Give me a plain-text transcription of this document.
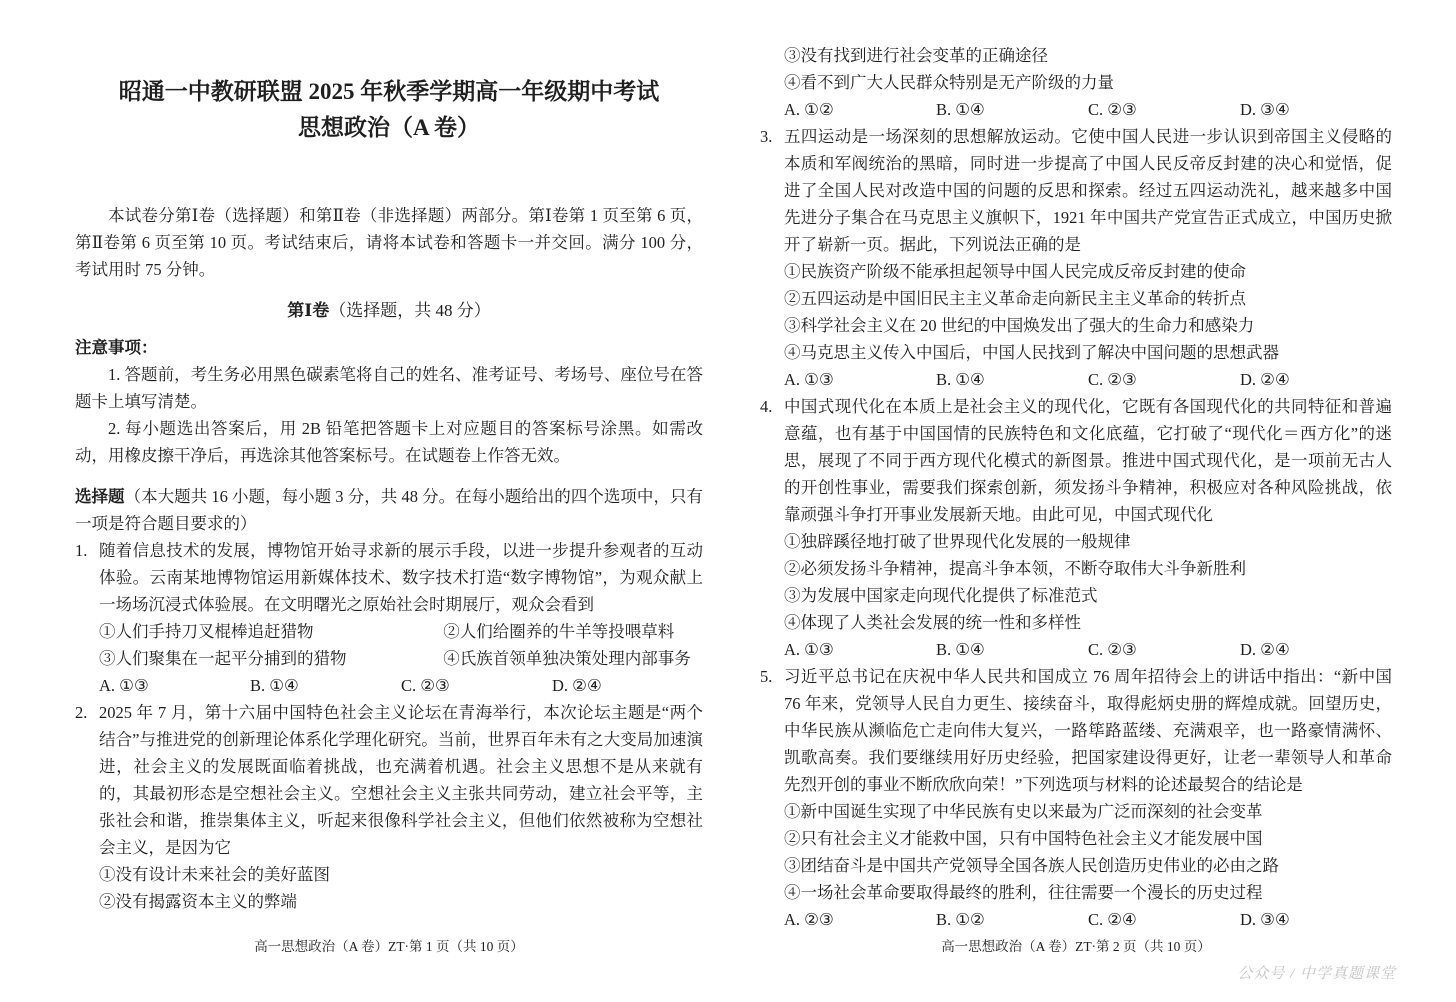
昭通一中教研联盟 2025 年秋季学期高一年级期中考试
思想政治（A 卷）

本试卷分第Ⅰ卷（选择题）和第Ⅱ卷（非选择题）两部分。第Ⅰ卷第 1 页至第 6 页，第Ⅱ卷第 6 页至第 10 页。考试结束后，请将本试卷和答题卡一并交回。满分 100 分，考试用时 75 分钟。

第Ⅰ卷（选择题，共 48 分）
注意事项：

1. 答题前，考生务必用黑色碳素笔将自己的姓名、准考证号、考场号、座位号在答题卡上填写清楚。

2. 每小题选出答案后，用 2B 铅笔把答题卡上对应题目的答案标号涂黑。如需改动，用橡皮擦干净后，再选涂其他答案标号。在试题卷上作答无效。

选择题（本大题共 16 小题，每小题 3 分，共 48 分。在每小题给出的四个选项中，只有一项是符合题目要求的）
1. 随着信息技术的发展，博物馆开始寻求新的展示手段，以进一步提升参观者的互动体验。云南某地博物馆运用新媒体技术、数字技术打造“数字博物馆”，为观众献上一场场沉浸式体验展。在文明曙光之原始社会时期展厅，观众会看到
①人们手持刀叉棍棒追赶猎物	②人们给圈养的牛羊等投喂草料
③人们聚集在一起平分捕到的猎物	④氏族首领单独决策处理内部事务
A. ①③	B. ①④	C. ②③	D. ②④
2. 2025 年 7 月，第十六届中国特色社会主义论坛在青海举行，本次论坛主题是“两个结合”与推进党的创新理论体系化学理化研究。当前，世界百年未有之大变局加速演进，社会主义的发展既面临着挑战，也充满着机遇。社会主义思想不是从来就有的，其最初形态是空想社会主义。空想社会主义主张共同劳动，建立社会平等，主张社会和谐，推崇集体主义，听起来很像科学社会主义，但他们依然被称为空想社会主义，是因为它
①没有设计未来社会的美好蓝图
②没有揭露资本主义的弊端
高一思想政治（A 卷）ZT·第 1 页（共 10 页）
③没有找到进行社会变革的正确途径
④看不到广大人民群众特别是无产阶级的力量
A. ①②	B. ①④	C. ②③	D. ③④
3. 五四运动是一场深刻的思想解放运动。它使中国人民进一步认识到帝国主义侵略的本质和军阀统治的黑暗，同时进一步提高了中国人民反帝反封建的决心和觉悟，促进了全国人民对改造中国的问题的反思和探索。经过五四运动洗礼，越来越多中国先进分子集合在马克思主义旗帜下，1921 年中国共产党宣告正式成立，中国历史掀开了崭新一页。据此，下列说法正确的是
①民族资产阶级不能承担起领导中国人民完成反帝反封建的使命
②五四运动是中国旧民主主义革命走向新民主主义革命的转折点
③科学社会主义在 20 世纪的中国焕发出了强大的生命力和感染力
④马克思主义传入中国后，中国人民找到了解决中国问题的思想武器
A. ①③	B. ①④	C. ②③	D. ②④
4. 中国式现代化在本质上是社会主义的现代化，它既有各国现代化的共同特征和普遍意蕴，也有基于中国国情的民族特色和文化底蕴，它打破了“现代化＝西方化”的迷思，展现了不同于西方现代化模式的新图景。推进中国式现代化，是一项前无古人的开创性事业，需要我们探索创新，须发扬斗争精神，积极应对各种风险挑战，依靠顽强斗争打开事业发展新天地。由此可见，中国式现代化
①独辟蹊径地打破了世界现代化发展的一般规律
②必须发扬斗争精神，提高斗争本领，不断夺取伟大斗争新胜利
③为发展中国家走向现代化提供了标准范式
④体现了人类社会发展的统一性和多样性
A. ①③	B. ①④	C. ②③	D. ②④
5. 习近平总书记在庆祝中华人民共和国成立 76 周年招待会上的讲话中指出：“新中国 76 年来，党领导人民自力更生、接续奋斗，取得彪炳史册的辉煌成就。回望历史，中华民族从濒临危亡走向伟大复兴，一路筚路蓝缕、充满艰辛，也一路豪情满怀、凯歌高奏。我们要继续用好历史经验，把国家建设得更好，让老一辈领导人和革命先烈开创的事业不断欣欣向荣！”下列选项与材料的论述最契合的结论是
①新中国诞生实现了中华民族有史以来最为广泛而深刻的社会变革
②只有社会主义才能救中国，只有中国特色社会主义才能发展中国
③团结奋斗是中国共产党领导全国各族人民创造历史伟业的必由之路
④一场社会革命要取得最终的胜利，往往需要一个漫长的历史过程
A. ②③	B. ①②	C. ②④	D. ③④
高一思想政治（A 卷）ZT·第 2 页（共 10 页）
公众号 / 中学真题课堂
